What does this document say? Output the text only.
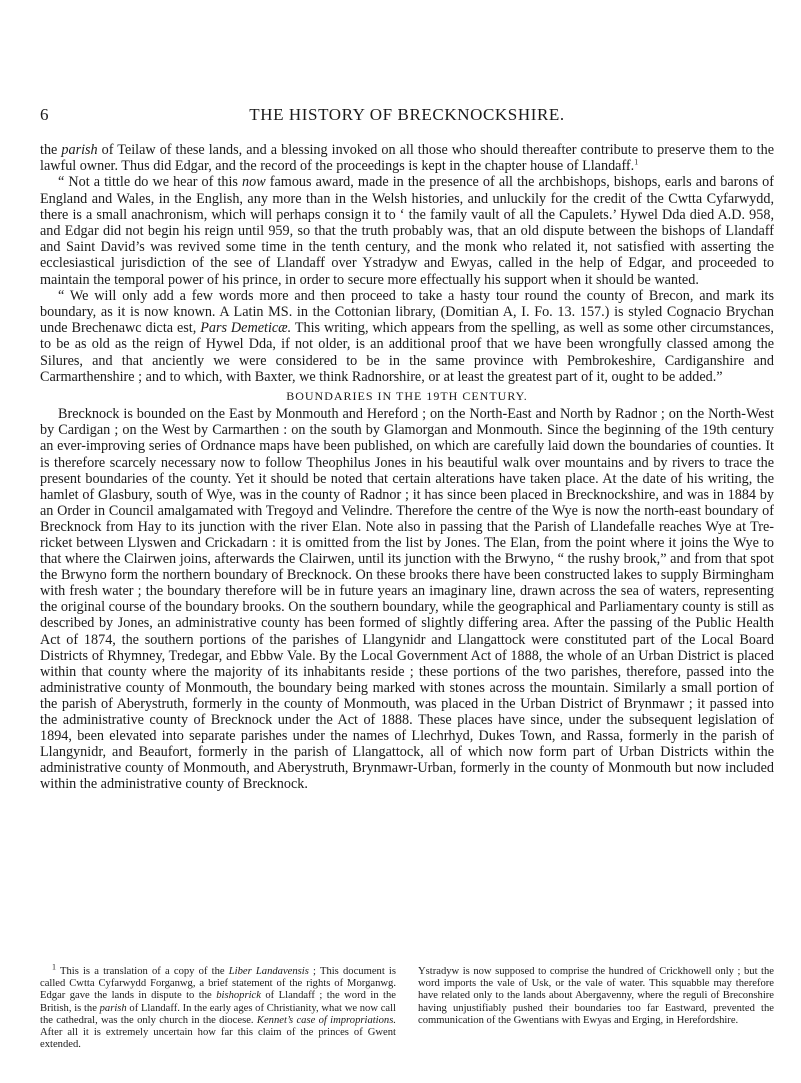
6	THE HISTORY OF BRECKNOCKSHIRE.

the parish of Teilaw of these lands, and a blessing invoked on all those who should thereafter contribute to preserve them to the lawful owner. Thus did Edgar, and the record of the proceedings is kept in the chapter house of Llandaff.$^1$

“ Not a tittle do we hear of this now famous award, made in the presence of all the archbishops, bishops, earls and barons of England and Wales, in the English, any more than in the Welsh histories, and unluckily for the credit of the Cwtta Cyfarwydd, there is a small anachronism, which will perhaps consign it to ‘ the family vault of all the Capulets.’ Hywel Dda died A.D. 958, and Edgar did not begin his reign until 959, so that the truth probably was, that an old dispute between the bishops of Llandaff and Saint David’s was revived some time in the tenth century, and the monk who related it, not satisfied with asserting the ecclesiastical jurisdiction of the see of Llandaff over Ystradyw and Ewyas, called in the help of Edgar, and proceeded to maintain the temporal power of his prince, in order to secure more effectually his support when it should be wanted.

“ We will only add a few words more and then proceed to take a hasty tour round the county of Brecon, and mark its boundary, as it is now known. A Latin MS. in the Cottonian library, (Domitian A, I. Fo. 13. 157.) is styled Cognacio Brychan unde Brechenawc dicta est, Pars Demeticæ. This writing, which appears from the spelling, as well as some other circumstances, to be as old as the reign of Hywel Dda, if not older, is an additional proof that we have been wrongfully classed among the Silures, and that anciently we were considered to be in the same province with Pembrokeshire, Cardiganshire and Carmarthenshire ; and to which, with Baxter, we think Radnorshire, or at least the greatest part of it, ought to be added.”

BOUNDARIES IN THE 19TH CENTURY.

Brecknock is bounded on the East by Monmouth and Hereford ; on the North-East and North by Radnor ; on the North-West by Cardigan ; on the West by Carmarthen : on the south by Glamorgan and Monmouth. Since the beginning of the 19th century an ever-improving series of Ordnance maps have been published, on which are carefully laid down the boundaries of counties. It is therefore scarcely necessary now to follow Theophilus Jones in his beautiful walk over mountains and by rivers to trace the present boundaries of the county. Yet it should be noted that certain alterations have taken place. At the date of his writing, the hamlet of Glasbury, south of Wye, was in the county of Radnor ; it has since been placed in Brecknockshire, and was in 1884 by an Order in Council amalgamated with Tregoyd and Velindre. Therefore the centre of the Wye is now the north-east boundary of Brecknock from Hay to its junction with the river Elan. Note also in passing that the Parish of Llandefalle reaches Wye at Tre-ricket between Llyswen and Crickadarn : it is omitted from the list by Jones. The Elan, from the point where it joins the Wye to that where the Clairwen joins, afterwards the Clairwen, until its junction with the Brwyno, “ the rushy brook,” and from that spot the Brwyno form the northern boundary of Brecknock. On these brooks there have been constructed lakes to supply Birmingham with fresh water ; the boundary therefore will be in future years an imaginary line, drawn across the sea of waters, representing the original course of the boundary brooks. On the southern boundary, while the geographical and Parliamentary county is still as described by Jones, an administrative county has been formed of slightly differing area. After the passing of the Public Health Act of 1874, the southern portions of the parishes of Llangynidr and Llangattock were constituted part of the Local Board Districts of Rhymney, Tredegar, and Ebbw Vale. By the Local Government Act of 1888, the whole of an Urban District is placed within that county where the majority of its inhabitants reside ; these portions of the two parishes, therefore, passed into the administrative county of Monmouth, the boundary being marked with stones across the mountain. Similarly a small portion of the parish of Aberystruth, formerly in the county of Monmouth, was placed in the Urban District of Brynmawr ; it passed into the administrative county of Brecknock under the Act of 1888. These places have since, under the subsequent legislation of 1894, been elevated into separate parishes under the names of Llechrhyd, Dukes Town, and Rassa, formerly in the parish of Llangynidr, and Beaufort, formerly in the parish of Llangattock, all of which now form part of Urban Districts within the administrative county of Monmouth, and Aberystruth, Brynmawr-Urban, formerly in the county of Monmouth but now included within the administrative county of Brecknock.

$^1$ This is a translation of a copy of the Liber Landavensis ; This document is called Cwtta Cyfarwydd Forganwg, a brief statement of the rights of Morganwg. Edgar gave the lands in dispute to the bishoprick of Llandaff ; the word in the British, is the parish of Llandaff. In the early ages of Christianity, what we now call the cathedral, was the only church in the diocese. Kennet’s case of impropriations. After all it is extremely uncertain how far this claim of the princes of Gwent extended.

Ystradyw is now supposed to comprise the hundred of Crickhowell only ; but the word imports the vale of Usk, or the vale of water. This squabble may therefore have related only to the lands about Abergavenny, where the reguli of Breconshire having unjustifiably pushed their boundaries too far Eastward, prevented the communication of the Gwentians with Ewyas and Erging, in Herefordshire.
